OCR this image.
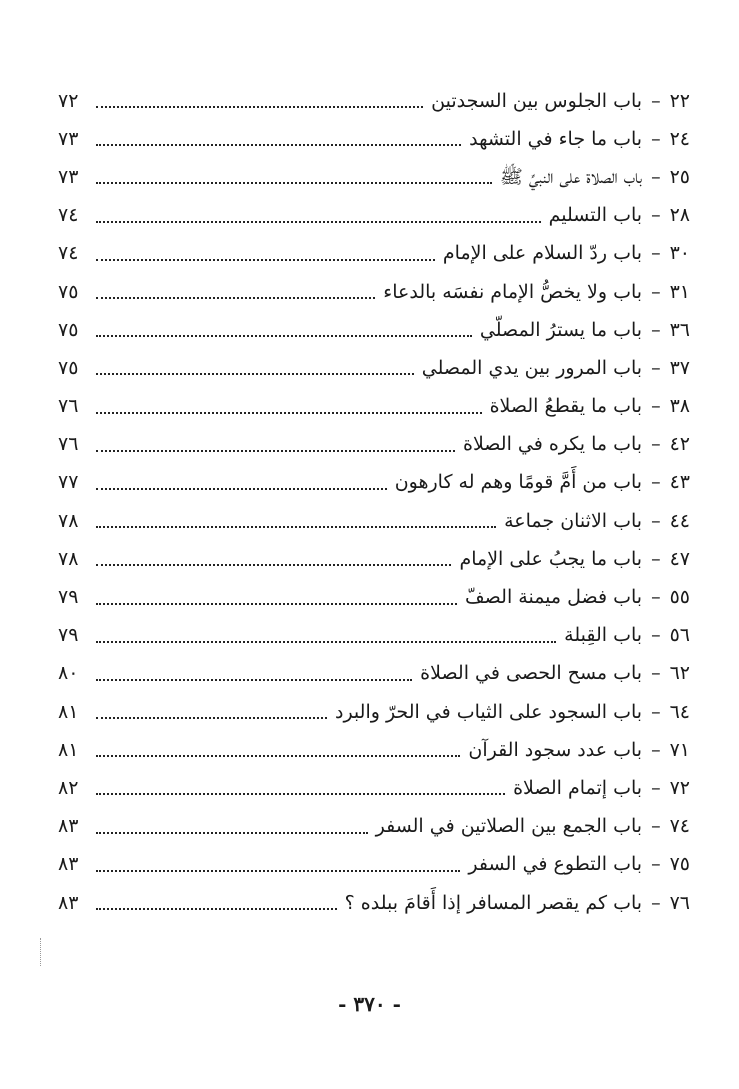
٢٢
–
باب الجلوس بين السجدتين
٧٢
٢٤
–
باب ما جاء في التشهد
٧٣
٢٥
–
باب الصلاة على النبيِّ ﷺ
٧٣
٢٨
–
باب التسليم
٧٤
٣٠
–
باب ردّ السلام على الإمام
٧٤
٣١
–
باب ولا يخصُّ الإمام نفسَه بالدعاء
٧٥
٣٦
–
باب ما يسترُ المصلّي
٧٥
٣٧
–
باب المرور بين يدي المصلي
٧٥
٣٨
–
باب ما يقطعُ الصلاة
٧٦
٤٢
–
باب ما يكره في الصلاة
٧٦
٤٣
–
باب من أَمَّ قومًا وهم له كارهون
٧٧
٤٤
–
باب الاثنان جماعة
٧٨
٤٧
–
باب ما يجبُ على الإمام
٧٨
٥٥
–
باب فضل ميمنة الصفّ
٧٩
٥٦
–
باب القِبلة
٧٩
٦٢
–
باب مسح الحصى في الصلاة
٨٠
٦٤
–
باب السجود على الثياب في الحرّ والبرد
٨١
٧١
–
باب عدد سجود القرآن
٨١
٧٢
–
باب إتمام الصلاة
٨٢
٧٤
–
باب الجمع بين الصلاتين في السفر
٨٣
٧٥
–
باب التطوع في السفر
٨٣
٧٦
–
باب كم يقصر المسافر إذا أَقامَ ببلده ؟
٨٣
- ٣٧٠ -
